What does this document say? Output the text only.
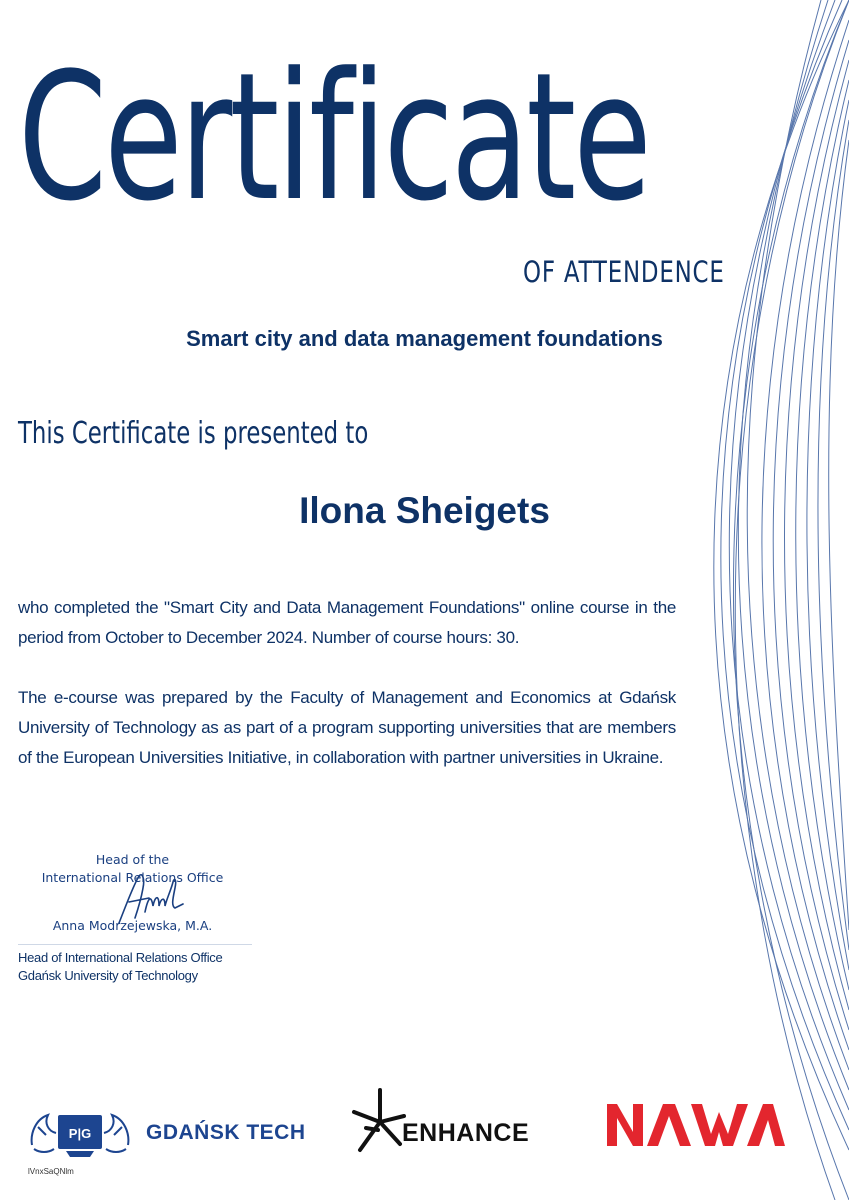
Certificate
OF ATTENDENCE
Smart city and data management foundations
This Certificate is presented to
Ilona Sheigets

who completed the "Smart City and Data Management Foundations" online course in the period from October to December 2024. Number of course hours: 30.

The e-course was prepared by the Faculty of Management and Economics at Gdańsk University of Technology as as part of a program supporting universities that are members of the European Universities Initiative, in collaboration with partner universities in Ukraine.

Head of the
International Relations Office
Anna Modrzejewska, M.A.
Head of International Relations Office
Gdańsk University of Technology
P|G	GDAŃSK TECH	ENHANCE
lVnxSaQNlm
